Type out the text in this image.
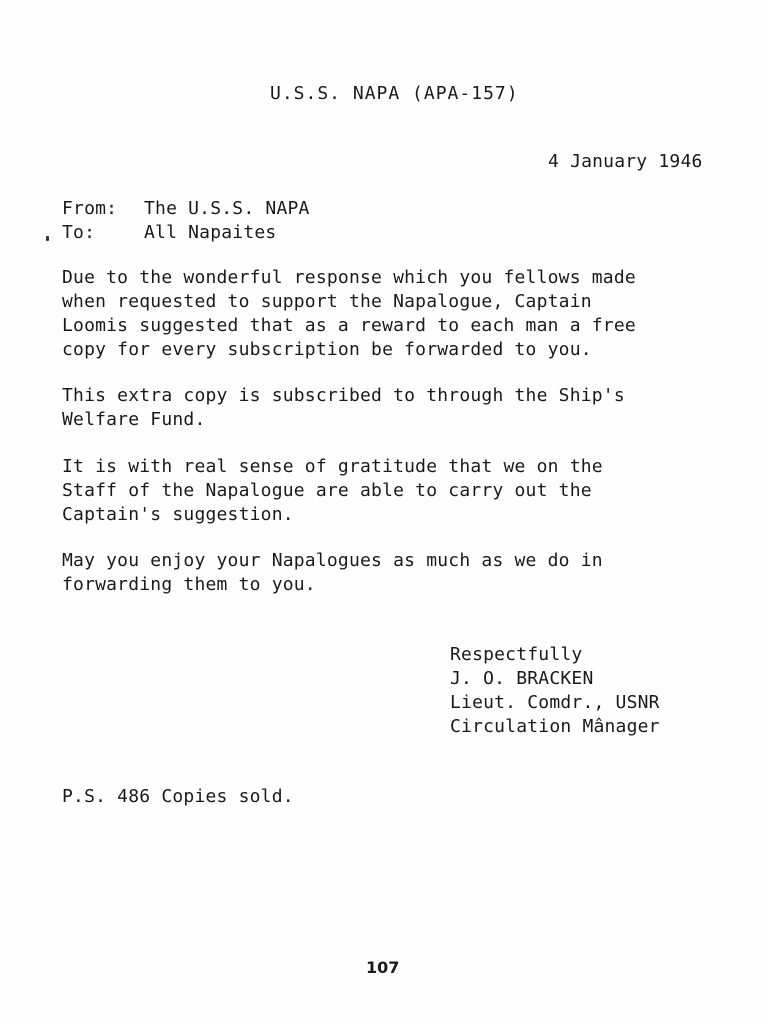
U.S.S. NAPA (APA-157)
4 January 1946
From: The U.S.S. NAPA
To:	All Napaites
Due to the wonderful response which you fellows made
when requested to support the Napalogue, Captain
Loomis suggested that as a reward to each man a free
copy for every subscription be forwarded to you.
This extra copy is subscribed to through the Ship's
Welfare Fund.
It is with real sense of gratitude that we on the
Staff of the Napalogue are able to carry out the
Captain's suggestion.
May you enjoy your Napalogues as much as we do in
forwarding them to you.
Respectfully
J. O. BRACKEN
Lieut. Comdr., USNR
Circulation Mânager
P.S. 486 Copies sold.
107
